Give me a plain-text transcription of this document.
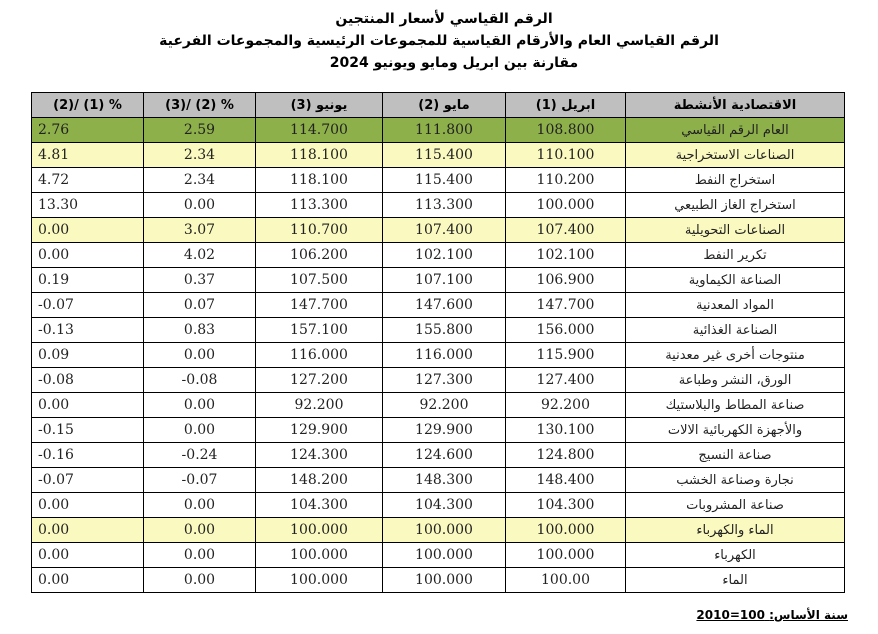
الرقم القياسي لأسعار المنتجين
الرقم القياسي العام والأرقام القياسية للمجموعات الرئيسية والمجموعات الفرعية
مقارنة بين ابريل ومايو ويونيو 2024
الاقتصادية الأنشطة	ابريل (1)	مايو (2)	يونيو (3)	% (2) /(3)	% (1) /(2)
العام الرقم القياسي	108.800	111.800	114.700	2.59	2.76
الصناعات الاستخراجية	110.100	115.400	118.100	2.34	4.81
استخراج النفط	110.200	115.400	118.100	2.34	4.72
استخراج الغاز الطبيعي	100.000	113.300	113.300	0.00	13.30
الصناعات التحويلية	107.400	107.400	110.700	3.07	0.00
تكرير النفط	102.100	102.100	106.200	4.02	0.00
الصناعة الكيماوية	106.900	107.100	107.500	0.37	0.19
المواد المعدنية	147.700	147.600	147.700	0.07	0.07-
الصناعة الغذائية	156.000	155.800	157.100	0.83	0.13-
منتوجات أخرى غير معدنية	115.900	116.000	116.000	0.00	0.09
الورق، النشر وطباعة	127.400	127.300	127.200	0.08-	0.08-
صناعة المطاط والبلاستيك	92.200	92.200	92.200	0.00	0.00
والأجهزة الكهربائية الالات	130.100	129.900	129.900	0.00	0.15-
صناعة النسيج	124.800	124.600	124.300	0.24-	0.16-
نجارة وصناعة الخشب	148.400	148.300	148.200	0.07-	0.07-
صناعة المشروبات	104.300	104.300	104.300	0.00	0.00
الماء والكهرباء	100.000	100.000	100.000	0.00	0.00
الكهرباء	100.000	100.000	100.000	0.00	0.00
الماء	100.00	100.000	100.000	0.00	0.00
سنة الأساس: 2010=100
